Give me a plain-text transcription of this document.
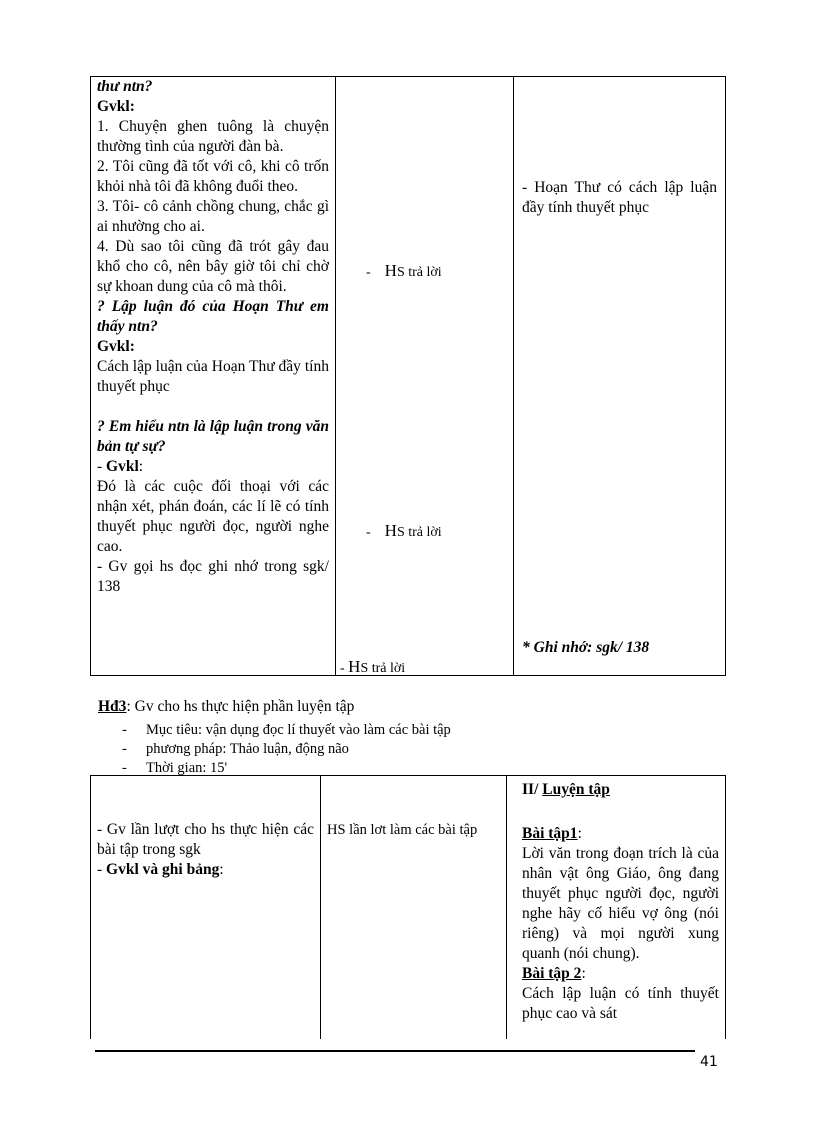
thư ntn?
Gvkl:
1. Chuyện ghen tuông là chuyện thường tình của người đàn bà.
2. Tôi cũng đã tốt với cô, khi cô trốn khỏi nhà tôi đã không đuổi theo.
3. Tôi- cô cảnh chồng chung, chắc gì ai nhường cho ai.
4. Dù sao tôi cũng đã trót gây đau khổ cho cô, nên bây giờ tôi chỉ chờ sự khoan dung của cô mà thôi.
? Lập luận đó của Hoạn Thư em thấy ntn?
Gvkl:
Cách lập luận của Hoạn Thư đầy tính thuyết phục
? Em hiểu ntn là lập luận trong văn bản tự sự?
- Gvkl:
Đó là các cuộc đối thoại với các nhận xét, phán đoán, các lí lẽ có tính thuyết phục người đọc, người nghe cao.
- Gv gọi hs đọc ghi nhớ trong sgk/ 138
- HS trả lời
- HS trả lời
- HS trả lời
- Hoạn Thư có cách lập luận đầy tính thuyết phục
* Ghi nhớ: sgk/ 138
Hđ3: Gv cho hs thực hiện phần luyện tập
- Mục tiêu: vận dụng đọc lí thuyết vào làm các bài tập
- phương pháp: Thảo luận, động não
- Thời gian: 15'
- Gv lần lượt cho hs thực hiện các bài tập trong sgk
- Gvkl và ghi bảng:
HS lần lơt làm các bài tập
II/ Luyện tập
Bài tập1:
Lời văn trong đoạn trích là của nhân vật ông Giáo, ông đang thuyết phục người đọc, người nghe hãy cố hiểu vợ ông (nói riêng) và mọi người xung quanh (nói chung).
Bài tập 2:
Cách lập luận có tính thuyết phục cao và sát
41
